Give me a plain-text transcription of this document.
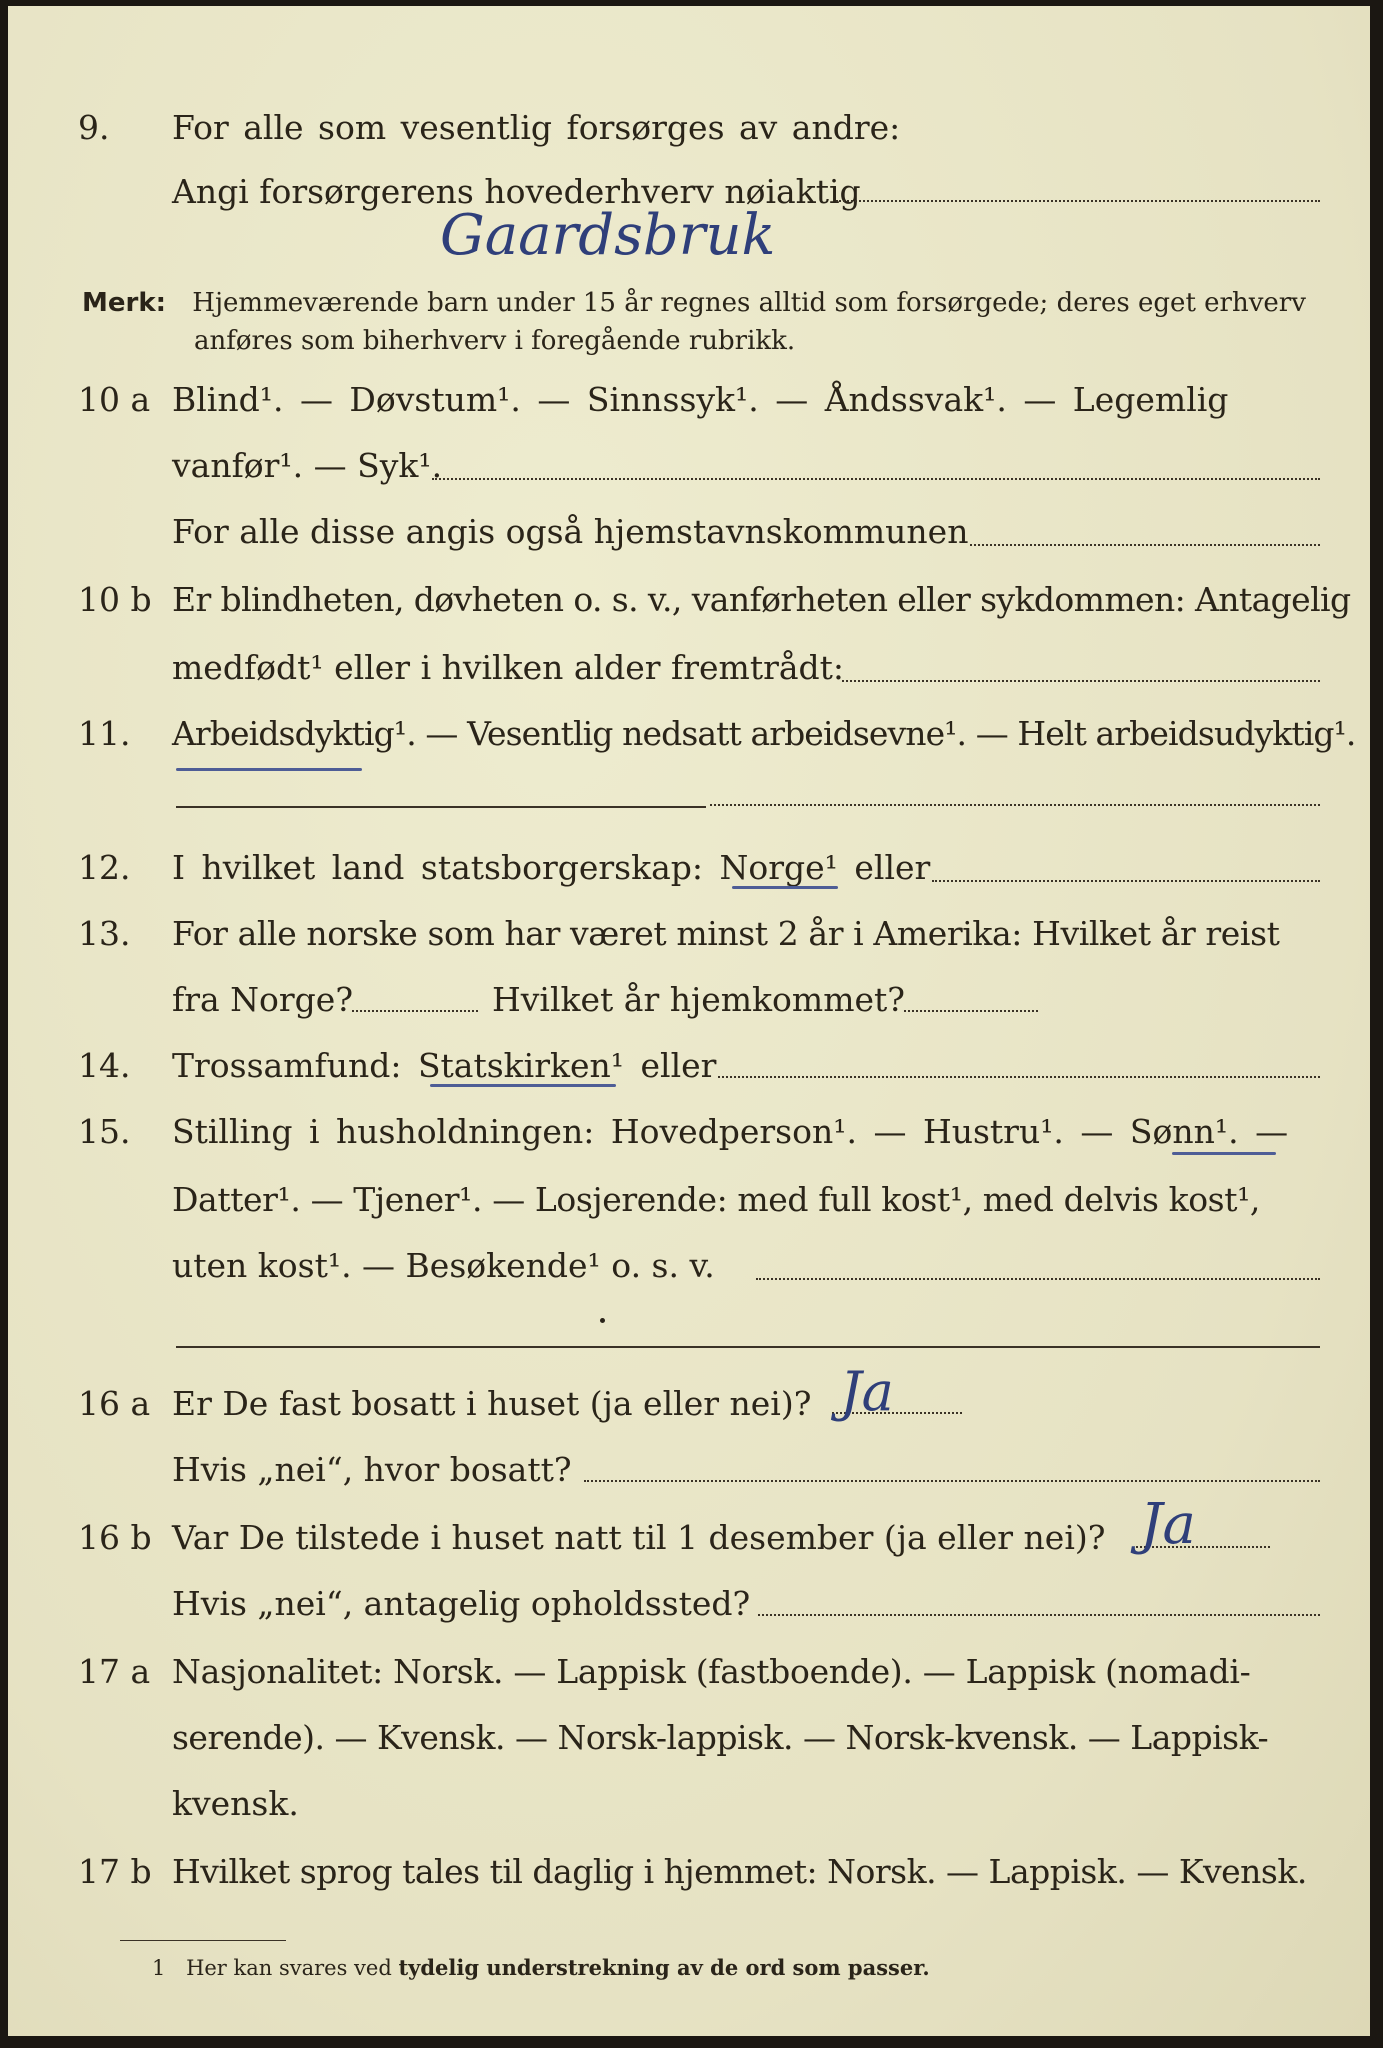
9. For alle som vesentlig forsørges av andre:
Angi forsørgerens hovederhverv nøiaktig
Gaardsbruk
Merk: Hjemmeværende barn under 15 år regnes alltid som forsørgede; deres eget erhverv
anføres som biherhverv i foregående rubrikk.
10 a Blind¹. — Døvstum¹. — Sinnssyk¹. — Åndssvak¹. — Legemlig
vanfør¹. — Syk¹.
For alle disse angis også hjemstavnskommunen
10 b Er blindheten, døvheten o. s. v., vanførheten eller sykdommen: Antagelig
medfødt¹ eller i hvilken alder fremtrådt:
11. Arbeidsdyktig¹. — Vesentlig nedsatt arbeidsevne¹. — Helt arbeidsudyktig¹.
12. I hvilket land statsborgerskap: Norge¹ eller
13. For alle norske som har været minst 2 år i Amerika: Hvilket år reist
fra Norge?	Hvilket år hjemkommet?
14. Trossamfund: Statskirken¹ eller
15. Stilling i husholdningen: Hovedperson¹. — Hustru¹. — Sønn¹. —
Datter¹. — Tjener¹. — Losjerende: med full kost¹, med delvis kost¹,
uten kost¹. — Besøkende¹ o. s. v.
16 a Er De fast bosatt i huset (ja eller nei)? Ja
Hvis „nei“, hvor bosatt?
16 b Var De tilstede i huset natt til 1 desember (ja eller nei)? Ja
Hvis „nei“, antagelig opholdssted?
17 a Nasjonalitet: Norsk. — Lappisk (fastboende). — Lappisk (nomadi-
serende). — Kvensk. — Norsk-lappisk. — Norsk-kvensk. — Lappisk-
kvensk.
17 b Hvilket sprog tales til daglig i hjemmet: Norsk. — Lappisk. — Kvensk.
1 Her kan svares ved tydelig understrekning av de ord som passer.
